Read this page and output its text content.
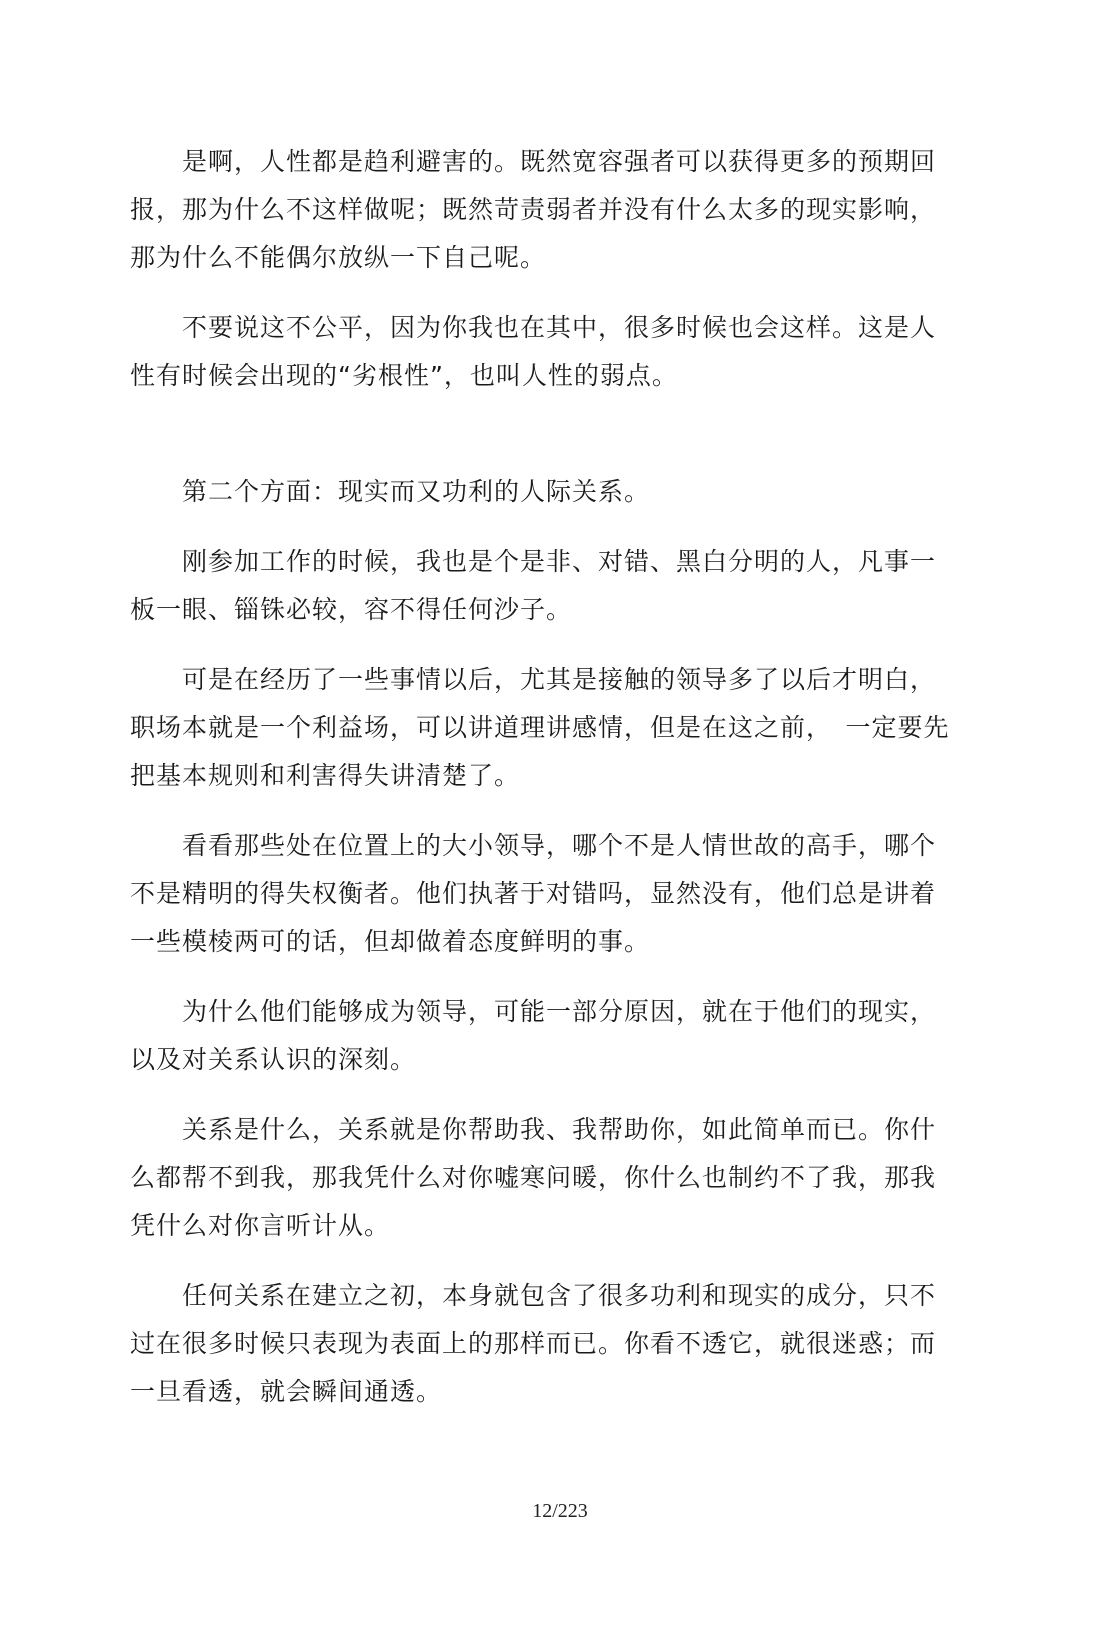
是啊，人性都是趋利避害的。既然宽容强者可以获得更多的预期回报，那为什么不这样做呢；既然苛责弱者并没有什么太多的现实影响，那为什么不能偶尔放纵一下自己呢。

不要说这不公平，因为你我也在其中，很多时候也会这样。这是人性有时候会出现的“劣根性”，也叫人性的弱点。

第二个方面：现实而又功利的人际关系。

刚参加工作的时候，我也是个是非、对错、黑白分明的人，凡事一板一眼、锱铢必较，容不得任何沙子。

可是在经历了一些事情以后，尤其是接触的领导多了以后才明白，职场本就是一个利益场，可以讲道理讲感情，但是在这之前，　一定要先把基本规则和利害得失讲清楚了。

看看那些处在位置上的大小领导，哪个不是人情世故的高手，哪个不是精明的得失权衡者。他们执著于对错吗，显然没有，他们总是讲着一些模棱两可的话，但却做着态度鲜明的事。

为什么他们能够成为领导，可能一部分原因，就在于他们的现实，以及对关系认识的深刻。

关系是什么，关系就是你帮助我、我帮助你，如此简单而已。你什么都帮不到我，那我凭什么对你嘘寒问暖，你什么也制约不了我，那我凭什么对你言听计从。

任何关系在建立之初，本身就包含了很多功利和现实的成分，只不过在很多时候只表现为表面上的那样而已。你看不透它，就很迷惑；而一旦看透，就会瞬间通透。

12/223
